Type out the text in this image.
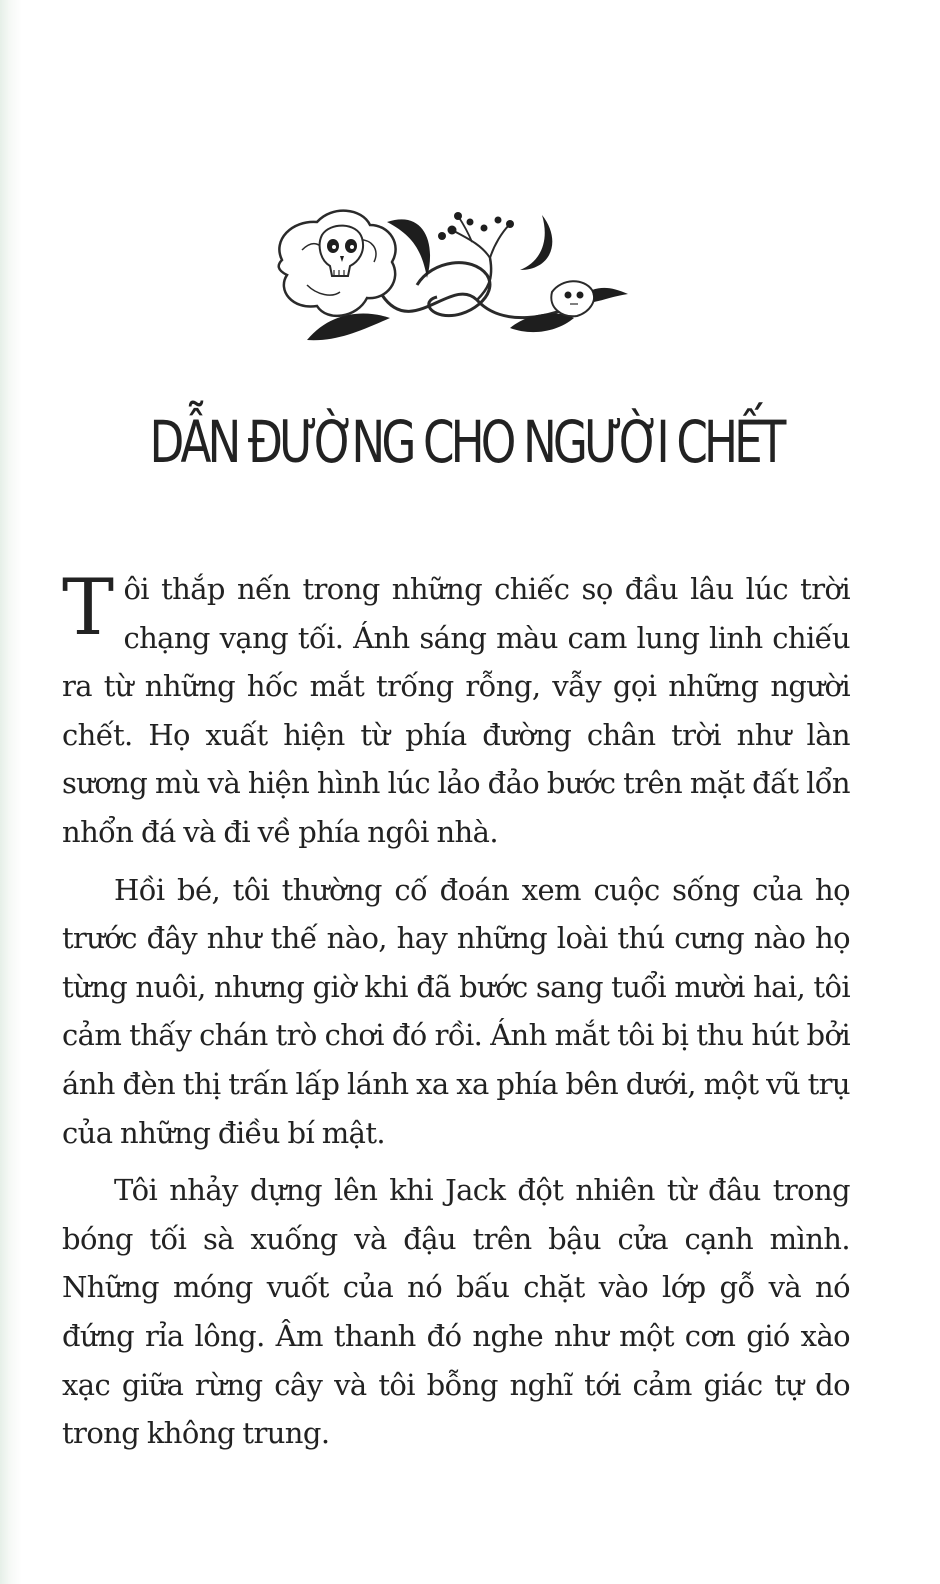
DẪN ĐƯỜNG CHO NGƯỜI CHẾT

Tôi thắp nến trong những chiếc sọ đầu lâu lúc trời chạng vạng tối. Ánh sáng màu cam lung linh chiếu ra từ những hốc mắt trống rỗng, vẫy gọi những người chết. Họ xuất hiện từ phía đường chân trời như làn sương mù và hiện hình lúc lảo đảo bước trên mặt đất lổn nhổn đá và đi về phía ngôi nhà.

Hồi bé, tôi thường cố đoán xem cuộc sống của họ trước đây như thế nào, hay những loài thú cưng nào họ từng nuôi, nhưng giờ khi đã bước sang tuổi mười hai, tôi cảm thấy chán trò chơi đó rồi. Ánh mắt tôi bị thu hút bởi ánh đèn thị trấn lấp lánh xa xa phía bên dưới, một vũ trụ của những điều bí mật.

Tôi nhảy dựng lên khi Jack đột nhiên từ đâu trong bóng tối sà xuống và đậu trên bậu cửa cạnh mình. Những móng vuốt của nó bấu chặt vào lớp gỗ và nó đứng rỉa lông. Âm thanh đó nghe như một cơn gió xào xạc giữa rừng cây và tôi bỗng nghĩ tới cảm giác tự do trong không trung.
